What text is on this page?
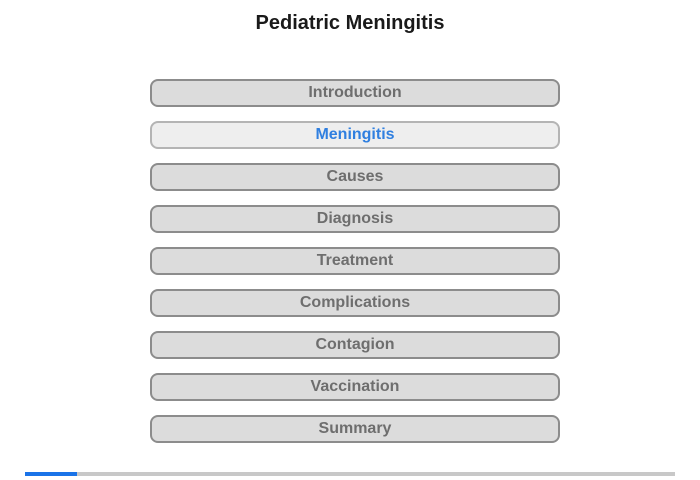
Pediatric Meningitis
Introduction
Meningitis
Causes
Diagnosis
Treatment
Complications
Contagion
Vaccination
Summary
